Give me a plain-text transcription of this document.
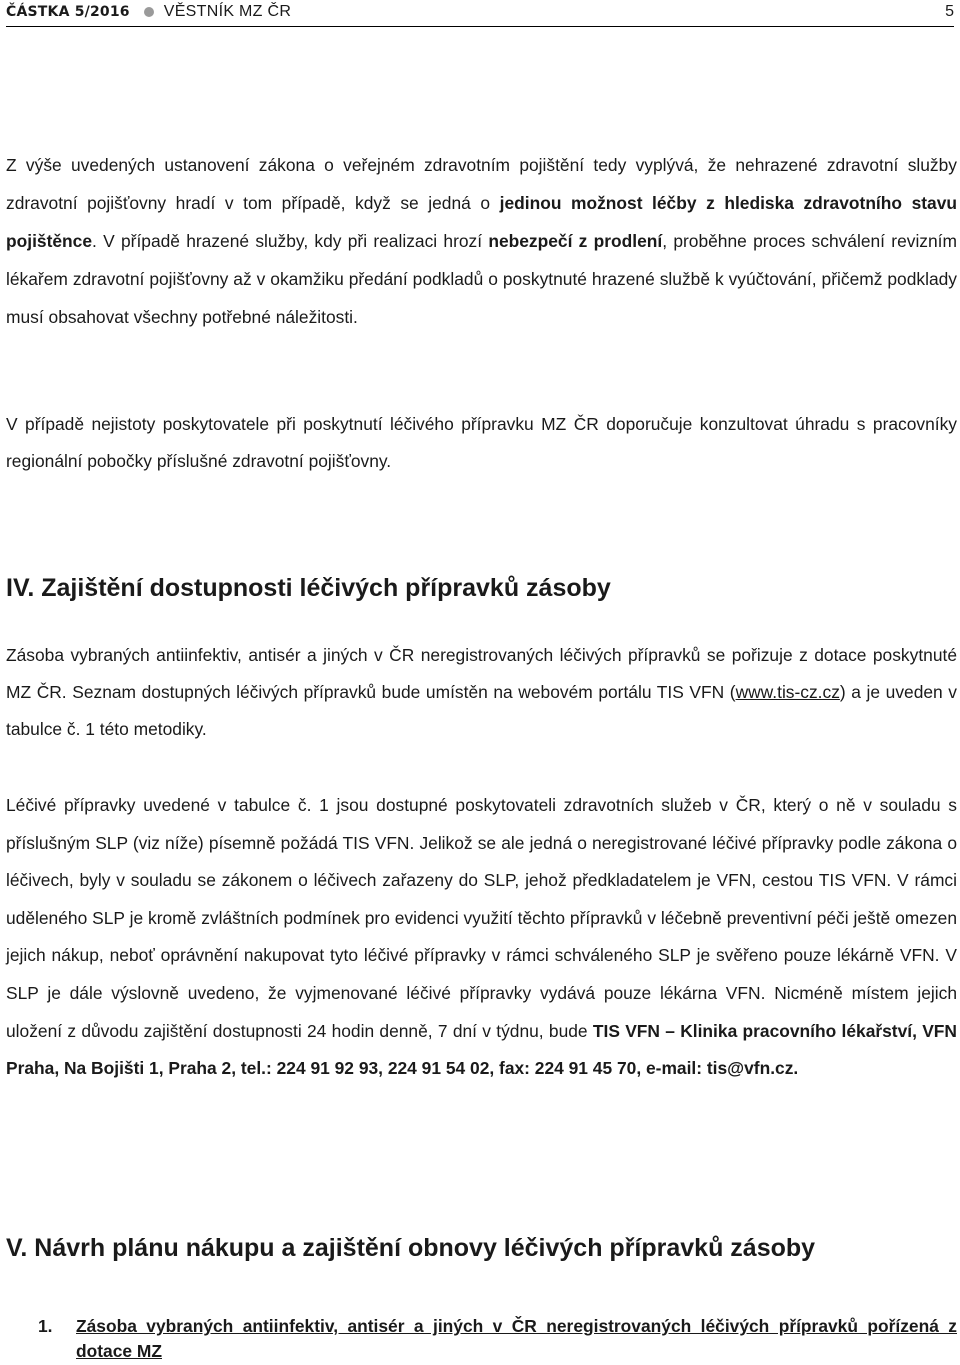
ČÁSTKA 5/2016 VĚSTNÍK MZ ČR	5

Z výše uvedených ustanovení zákona o veřejném zdravotním pojištění tedy vyplývá, že nehrazené zdravotní služby zdravotní pojišťovny hradí v tom případě, když se jedná o jedinou možnost léčby z hlediska zdravotního stavu pojištěnce. V případě hrazené služby, kdy při realizaci hrozí nebezpečí z prodlení, proběhne proces schválení revizním lékařem zdravotní pojišťovny až v okamžiku předání podkladů o poskytnuté hrazené službě k vyúčtování, přičemž podklady musí obsahovat všechny potřebné náležitosti.

V případě nejistoty poskytovatele při poskytnutí léčivého přípravku MZ ČR doporučuje konzultovat úhradu s pracovníky regionální pobočky příslušné zdravotní pojišťovny.

IV. Zajištění dostupnosti léčivých přípravků zásoby

Zásoba vybraných antiinfektiv, antisér a jiných v ČR neregistrovaných léčivých přípravků se pořizuje z dotace poskytnuté MZ ČR. Seznam dostupných léčivých přípravků bude umístěn na webovém portálu TIS VFN (www.tis-cz.cz) a je uveden v tabulce č. 1 této metodiky.

Léčivé přípravky uvedené v tabulce č. 1 jsou dostupné poskytovateli zdravotních služeb v ČR, který o ně v souladu s příslušným SLP (viz níže) písemně požádá TIS VFN. Jelikož se ale jedná o neregistrované léčivé přípravky podle zákona o léčivech, byly v souladu se zákonem o léčivech zařazeny do SLP, jehož předkladatelem je VFN, cestou TIS VFN. V rámci uděleného SLP je kromě zvláštních podmínek pro evidenci využití těchto přípravků v léčebně preventivní péči ještě omezen jejich nákup, neboť oprávnění nakupovat tyto léčivé přípravky v rámci schváleného SLP je svěřeno pouze lékárně VFN. V SLP je dále výslovně uvedeno, že vyjmenované léčivé přípravky vydává pouze lékárna VFN. Nicméně místem jejich uložení z důvodu zajištění dostupnosti 24 hodin denně, 7 dní v týdnu, bude TIS VFN – Klinika pracovního lékařství, VFN Praha, Na Bojišti 1, Praha 2, tel.: 224 91 92 93, 224 91 54 02, fax: 224 91 45 70, e-mail: tis@vfn.cz.

V. Návrh plánu nákupu a zajištění obnovy léčivých přípravků zásoby
1. Zásoba vybraných antiinfektiv, antisér a jiných v ČR neregistrovaných léčivých přípravků pořízená z dotace MZ
